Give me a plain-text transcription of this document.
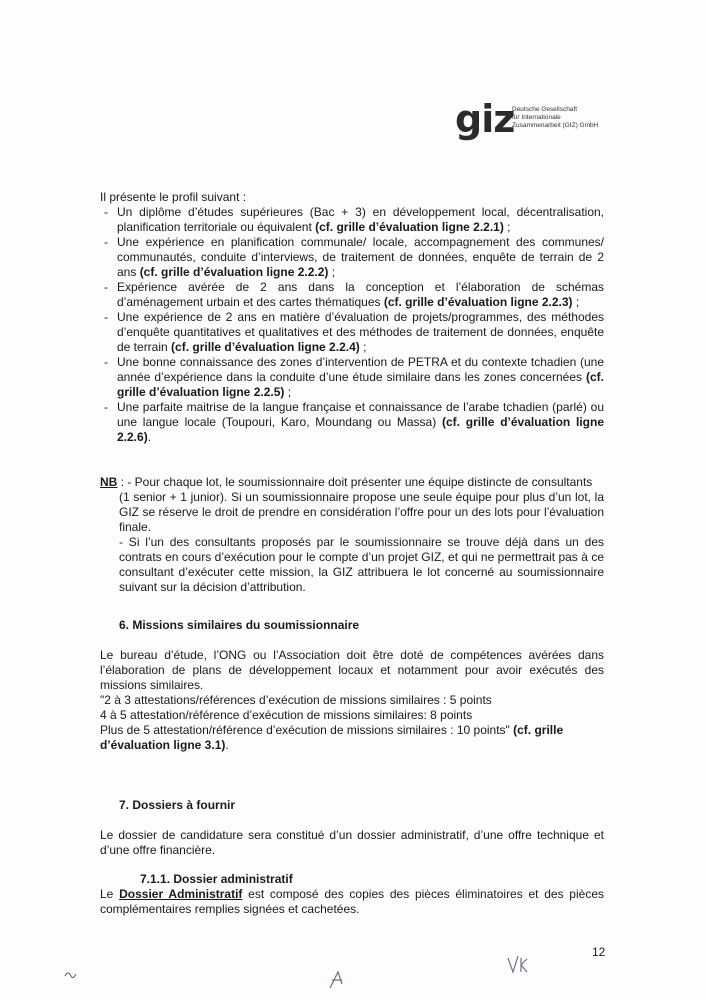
giz
Deutsche Gesellschaft
für Internationale
Zusammenarbeit (GIZ) GmbH

Il présente le profil suivant :

- Un diplôme d’études supérieures (Bac + 3) en développement local, décentralisation, planification territoriale ou équivalent (cf. grille d’évaluation ligne 2.2.1) ;
- Une expérience en planification communale/ locale, accompagnement des communes/ communautés, conduite d’interviews, de traitement de données, enquête de terrain de 2 ans (cf. grille d’évaluation ligne 2.2.2) ;
- Expérience avérée de 2 ans dans la conception et l’élaboration de schémas d’aménagement urbain et des cartes thématiques (cf. grille d’évaluation ligne 2.2.3) ;
- Une expérience de 2 ans en matière d’évaluation de projets/programmes, des méthodes d’enquête quantitatives et qualitatives et des méthodes de traitement de données, enquête de terrain (cf. grille d’évaluation ligne 2.2.4) ;
- Une bonne connaissance des zones d’intervention de PETRA et du contexte tchadien (une année d’expérience dans la conduite d’une étude similaire dans les zones concernées (cf. grille d’évaluation ligne 2.2.5) ;
- Une parfaite maitrise de la langue française et connaissance de l’arabe tchadien (parlé) ou une langue locale (Toupouri, Karo, Moundang ou Massa) (cf. grille d’évaluation ligne 2.2.6).

NB : - Pour chaque lot, le soumissionnaire doit présenter une équipe distincte de consultants

(1 senior + 1 junior). Si un soumissionnaire propose une seule équipe pour plus d’un lot, la GIZ se réserve le droit de prendre en considération l’offre pour un des lots pour l’évaluation finale.

- Si l’un des consultants proposés par le soumissionnaire se trouve déjà dans un des contrats en cours d’exécution pour le compte d’un projet GIZ, et qui ne permettrait pas à ce consultant d’exécuter cette mission, la GIZ attribuera le lot concerné au soumissionnaire suivant sur la décision d’attribution.

6. Missions similaires du soumissionnaire

Le bureau d’étude, l’ONG ou l’Association doit être doté de compétences avérées dans l’élaboration de plans de développement locaux et notamment pour avoir exécutés des missions similaires.

"2 à 3 attestations/références d’exécution de missions similaires : 5 points

4 à 5 attestation/référence d’exécution de missions similaires: 8 points

Plus de 5 attestation/référence d’exécution de missions similaires : 10 points" (cf. grille d’évaluation ligne 3.1).

7. Dossiers à fournir

Le dossier de candidature sera constitué d’un dossier administratif, d’une offre technique et d’une offre financière.

7.1.1. Dossier administratif

Le Dossier Administratif est composé des copies des pièces éliminatoires et des pièces complémentaires remplies signées et cachetées.

12
